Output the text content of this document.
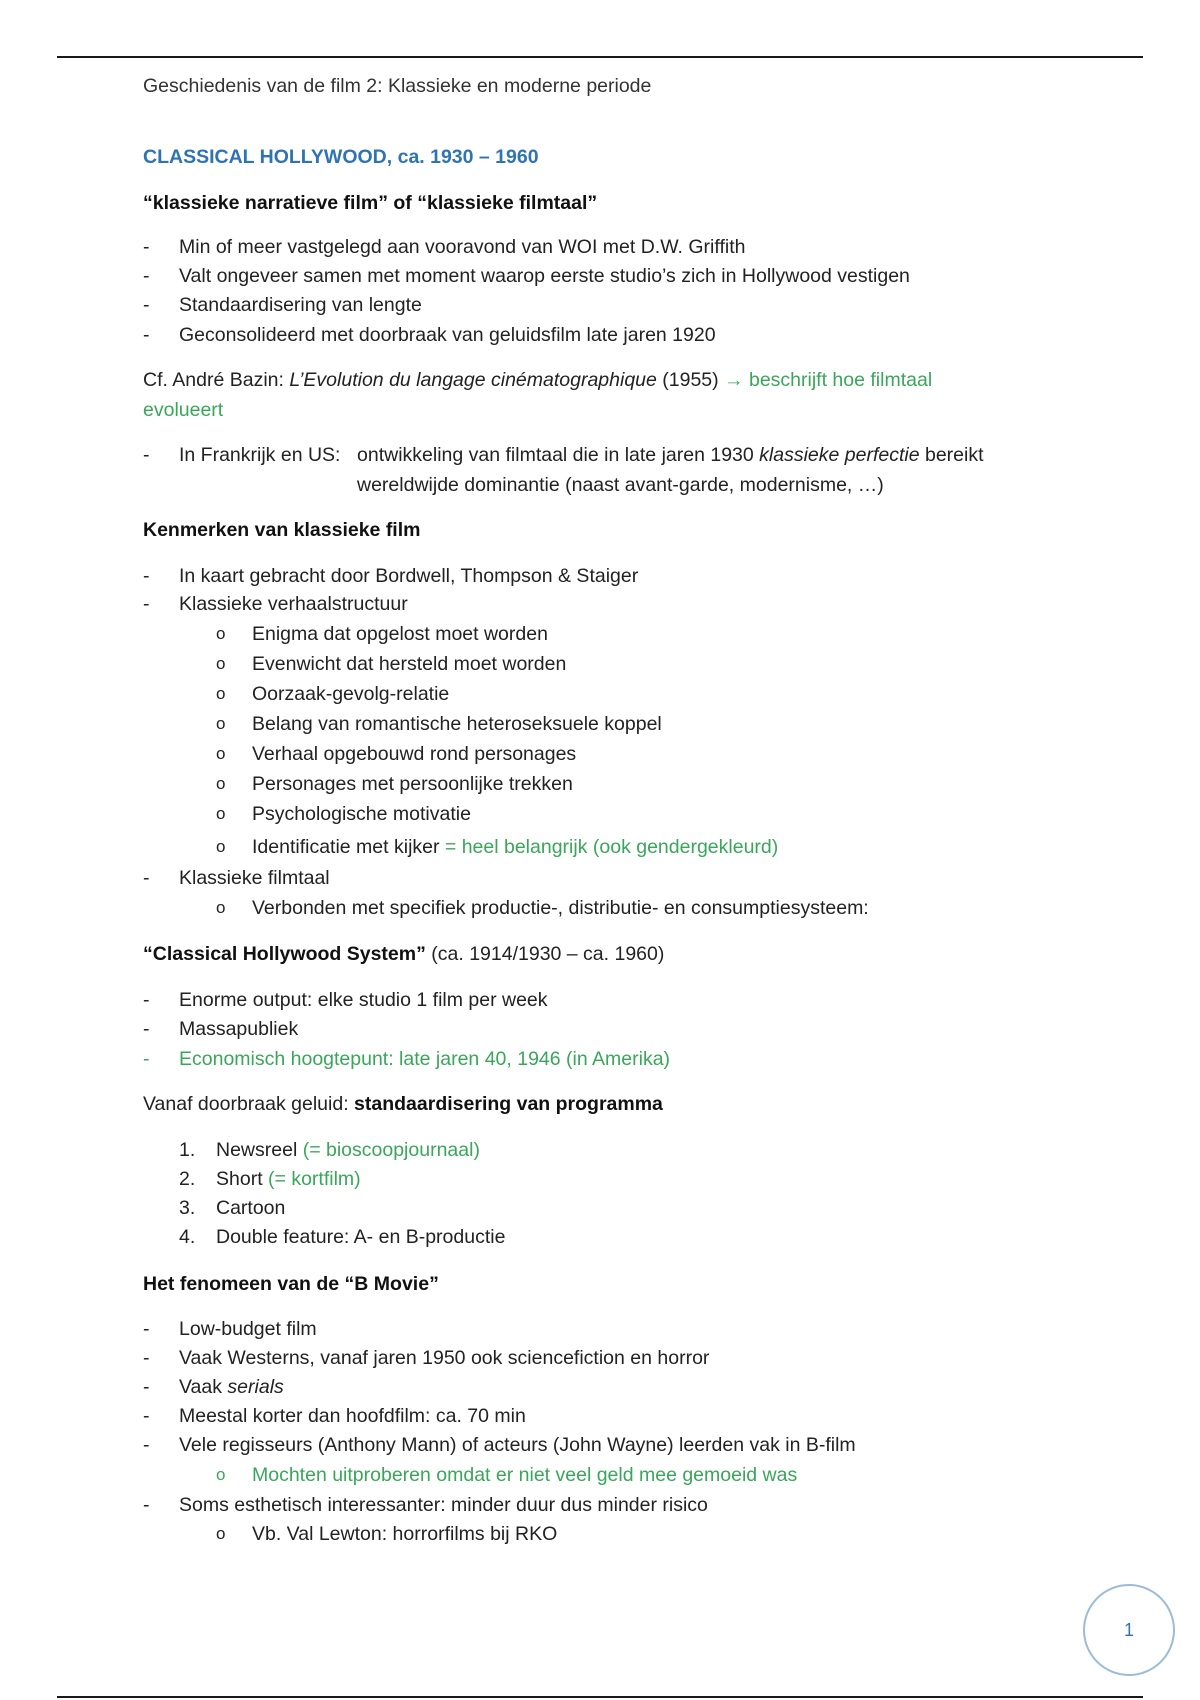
Geschiedenis van de film 2: Klassieke en moderne periode
CLASSICAL HOLLYWOOD, ca. 1930 – 1960
“klassieke narratieve film” of “klassieke filmtaal”
-	Min of meer vastgelegd aan vooravond van WOI met D.W. Griffith
-	Valt ongeveer samen met moment waarop eerste studio’s zich in Hollywood vestigen
-	Standaardisering van lengte
-	Geconsolideerd met doorbraak van geluidsfilm late jaren 1920
Cf. André Bazin: L’Evolution du langage cinématographique (1955) → beschrijft hoe filmtaal
evolueert
-	In Frankrijk en US: ontwikkeling van filmtaal die in late jaren 1930 klassieke perfectie bereikt
wereldwijde dominantie (naast avant-garde, modernisme, …)
Kenmerken van klassieke film
-	In kaart gebracht door Bordwell, Thompson & Staiger
-	Klassieke verhaalstructuur
o Enigma dat opgelost moet worden
o Evenwicht dat hersteld moet worden
o Oorzaak-gevolg-relatie
o Belang van romantische heteroseksuele koppel
o Verhaal opgebouwd rond personages
o Personages met persoonlijke trekken
o Psychologische motivatie
o Identificatie met kijker = heel belangrijk (ook gendergekleurd)
-	Klassieke filmtaal
o Verbonden met specifiek productie-, distributie- en consumptiesysteem:
“Classical Hollywood System” (ca. 1914/1930 – ca. 1960)
-	Enorme output: elke studio 1 film per week
-	Massapubliek
-	Economisch hoogtepunt: late jaren 40, 1946 (in Amerika)
Vanaf doorbraak geluid: standaardisering van programma
1. Newsreel (= bioscoopjournaal)
2. Short (= kortfilm)
3. Cartoon
4. Double feature: A- en B-productie
Het fenomeen van de “B Movie”
-	Low-budget film
-	Vaak Westerns, vanaf jaren 1950 ook sciencefiction en horror
-	Vaak serials
-	Meestal korter dan hoofdfilm: ca. 70 min
-	Vele regisseurs (Anthony Mann) of acteurs (John Wayne) leerden vak in B-film
o Mochten uitproberen omdat er niet veel geld mee gemoeid was
-	Soms esthetisch interessanter: minder duur dus minder risico
o Vb. Val Lewton: horrorfilms bij RKO
1
